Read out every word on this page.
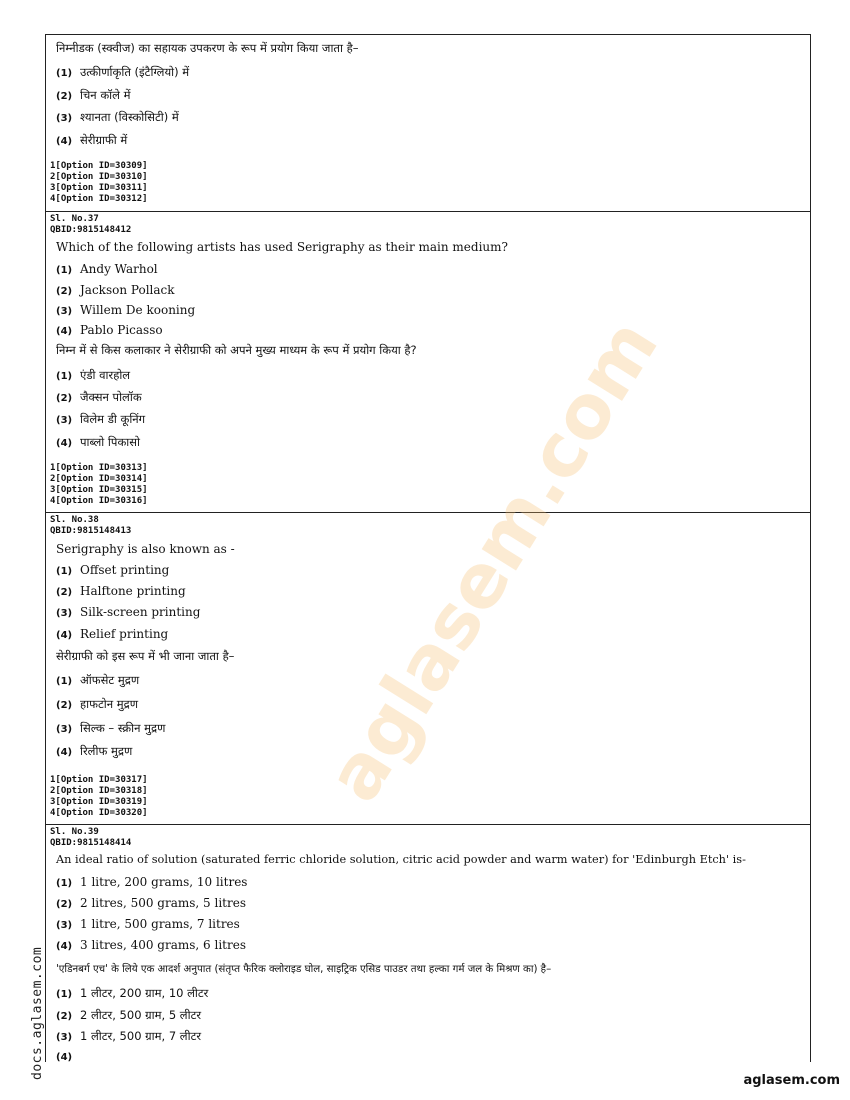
निम्नीडक (स्क्वीज) का सहायक उपकरण के रूप में प्रयोग किया जाता है–
(1) उत्कीर्णाकृति (इंटैग्लियो) में
(2) चिन कॉले में
(3) श्यानता (विस्कोसिटी) में
(4) सेरीग्राफी में
1[Option ID=30309]
2[Option ID=30310]
3[Option ID=30311]
4[Option ID=30312]
Sl. No.37
QBID:9815148412
Which of the following artists has used Serigraphy as their main medium?
(1) Andy Warhol
(2) Jackson Pollack
(3) Willem De kooning
(4) Pablo Picasso
निम्न में से किस कलाकार ने सेरीग्राफी को अपने मुख्य माध्यम के रूप में प्रयोग किया है?
(1) एंडी वारहोल
(2) जैक्सन पोलॉक
(3) विलेम डी कूनिंग
(4) पाब्लो पिकासो
1[Option ID=30313]
2[Option ID=30314]
3[Option ID=30315]
4[Option ID=30316]
Sl. No.38
QBID:9815148413
Serigraphy is also known as -
(1) Offset printing
(2) Halftone printing
(3) Silk-screen printing
(4) Relief printing
सेरीग्राफी को इस रूप में भी जाना जाता है–
(1) ऑफसेट मुद्रण
(2) हाफटोन मुद्रण
(3) सिल्क – स्क्रीन मुद्रण
(4) रिलीफ मुद्रण
1[Option ID=30317]
2[Option ID=30318]
3[Option ID=30319]
4[Option ID=30320]
Sl. No.39
QBID:9815148414
An ideal ratio of solution (saturated ferric chloride solution, citric acid powder and warm water) for 'Edinburgh Etch' is-
(1) 1 litre, 200 grams, 10 litres
(2) 2 litres, 500 grams, 5 litres
(3) 1 litre, 500 grams, 7 litres
(4) 3 litres, 400 grams, 6 litres
'एडिनबर्ग एच' के लिये एक आदर्श अनुपात (संतृप्त फैरिक क्लोराइड घोल, साइट्रिक एसिड पाउडर तथा हल्का गर्म जल के मिश्रण का) है–
(1) 1 लीटर, 200 ग्राम, 10 लीटर
(2) 2 लीटर, 500 ग्राम, 5 लीटर
(3) 1 लीटर, 500 ग्राम, 7 लीटर
(4)
aglasem.com
docs.aglasem.com
aglasem.com
